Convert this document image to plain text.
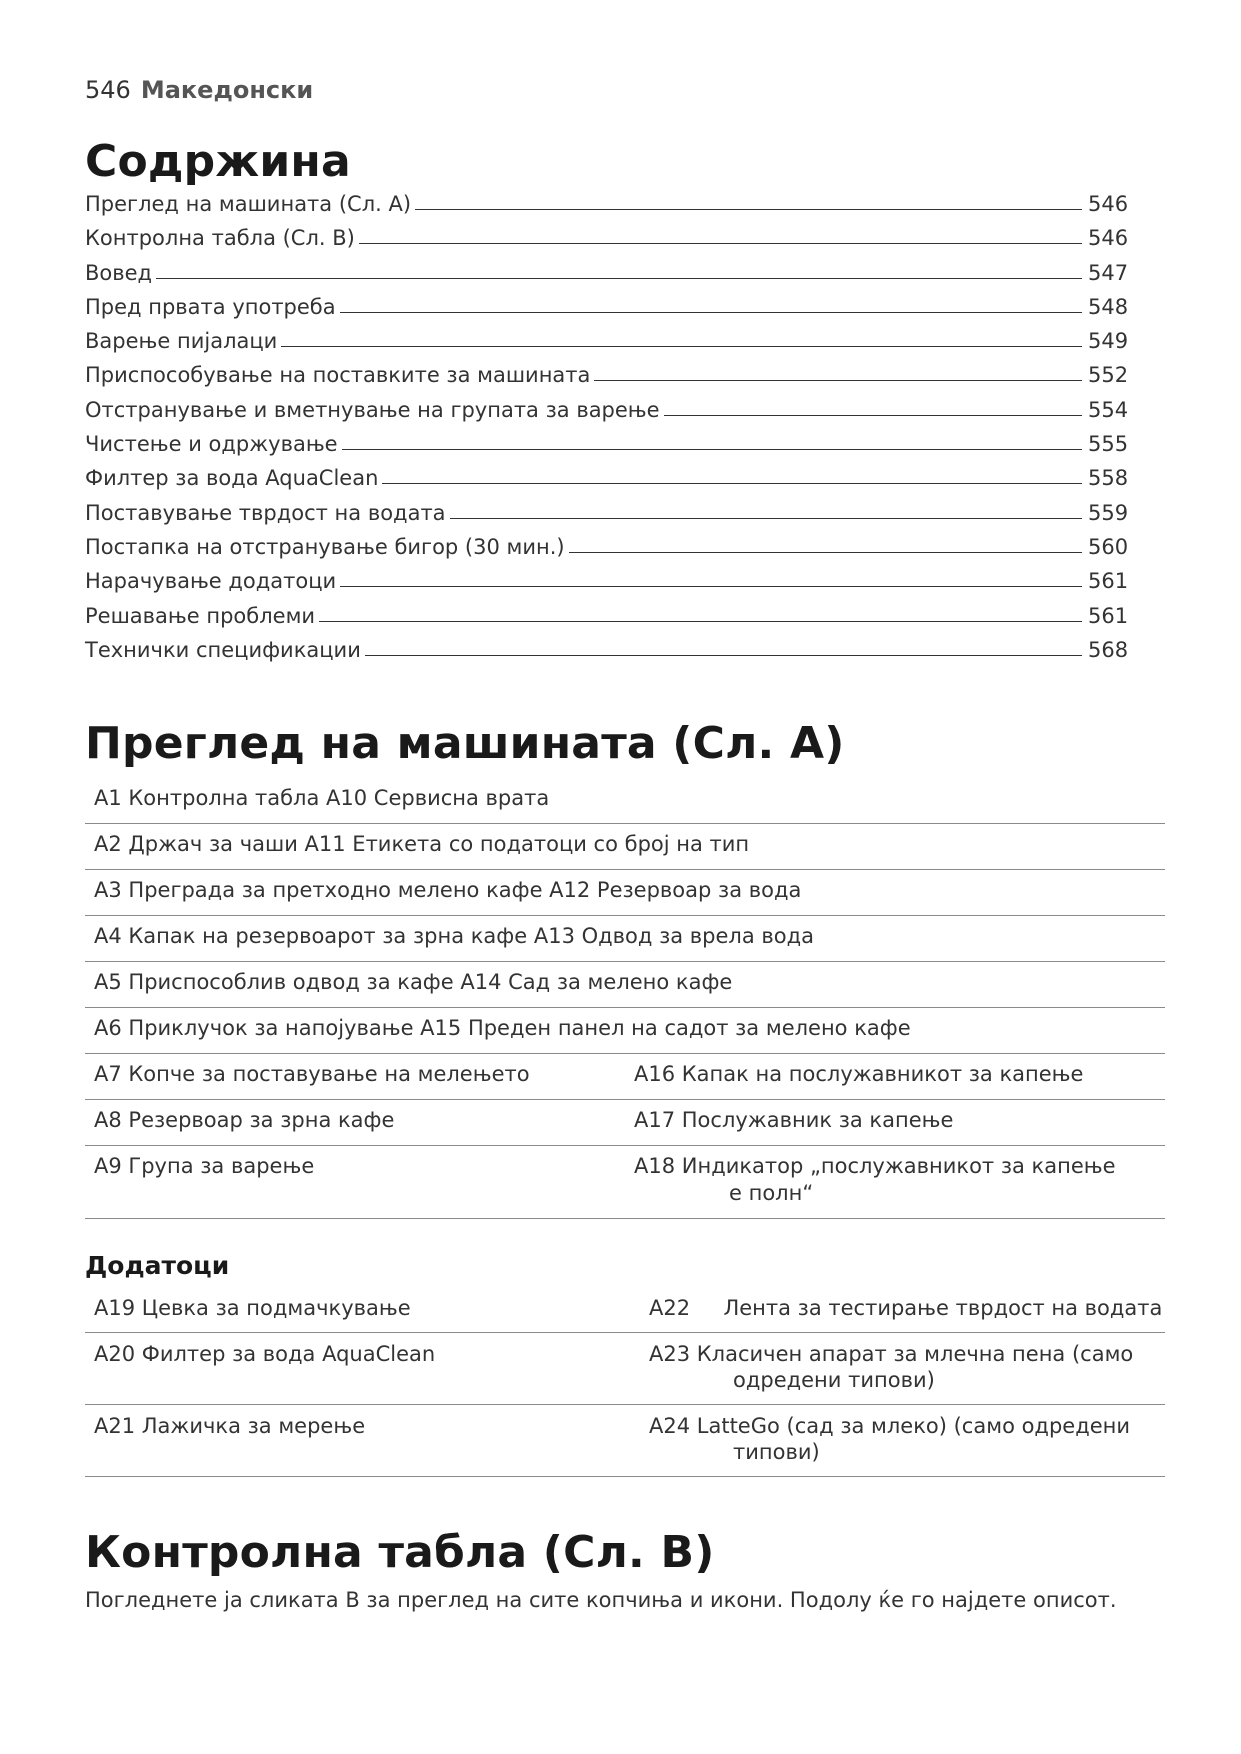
546 Македонски
Содржина
Преглед на машината (Сл. A)	546
Контролна табла (Сл. B)	546
Вовед	547
Пред првата употреба	548
Варење пијалаци	549
Приспособување на поставките за машината	552
Отстранување и вметнување на групата за варење	554
Чистење и одржување	555
Филтер за вода AquaClean	558
Поставување тврдост на водата	559
Постапка на отстранување бигор (30 мин.)	560
Нарачување додатоци	561
Решавање проблеми	561
Технички спецификации	568
Преглед на машината (Сл. A)
A1 Контролна табла A10 Сервисна врата	
A2 Држач за чаши A11 Етикета со податоци со број на тип	
A3 Преграда за претходно мелено кафе A12 Резервоар за вода	
A4 Капак на резервоарот за зрна кафе A13 Одвод за врела вода	
A5 Приспособлив одвод за кафе A14 Сад за мелено кафе	
A6 Приклучок за напојување A15 Преден панел на садот за мелено кафе	
A7 Копче за поставување на мелењето	A16 Капак на послужавникот за капење
A8 Резервоар за зрна кафе	A17 Послужавник за капење
A9 Група за варење	A18 Индикатор „послужавникот за капење
е полн“
Додатоци
A19 Цевка за подмачкување	A22     Лента за тестирање тврдост на водата

A20 Филтер за вода AquaClean	A23 Класичен апарат за млечна пена (само
одредени типови)

A21 Лажичка за мерење	A24 LatteGo (сад за млеко) (само одредени
типови)
Контролна табла (Сл. B)
Погледнете ја сликата B за преглед на сите копчиња и икони. Подолу ќе го најдете описот.
